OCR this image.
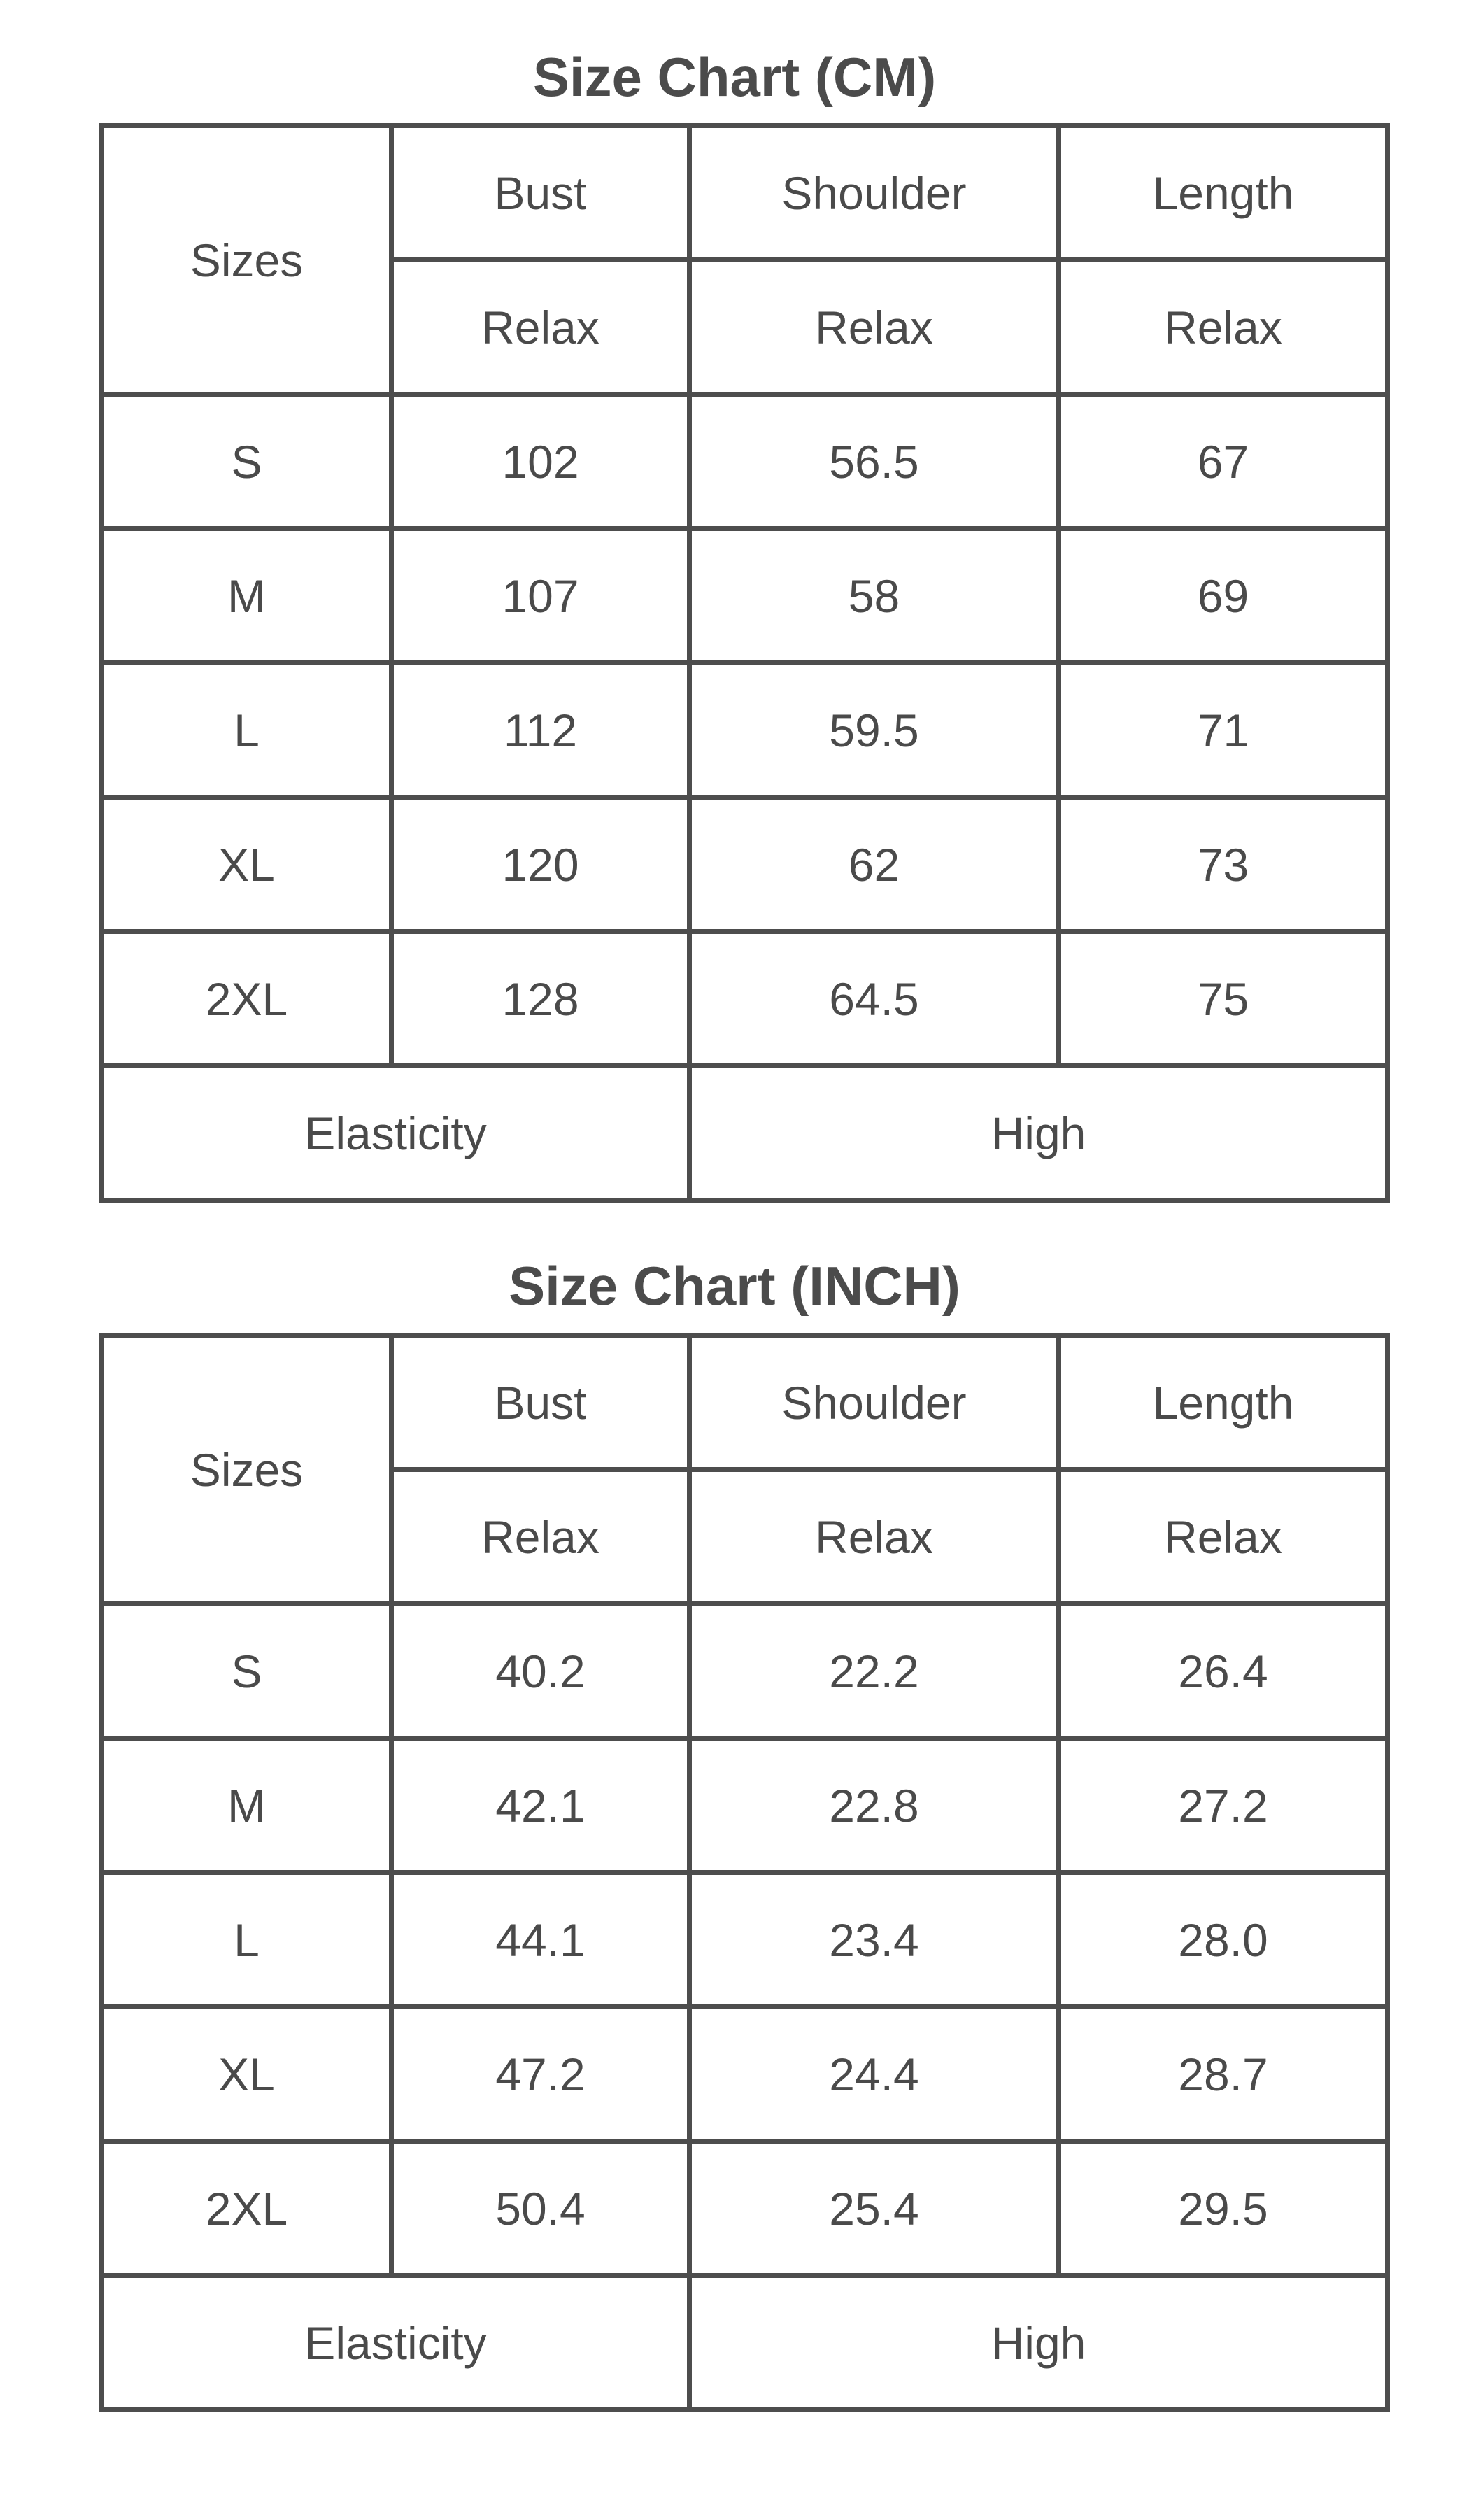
Size Chart (CM)
Sizes	Bust	Shoulder	Length
	Relax	Relax	Relax
S	102	56.5	67
M	107	58	69
L	112	59.5	71
XL	120	62	73
2XL	128	64.5	75
Elasticity		High	
Size Chart (INCH)
Sizes	Bust	Shoulder	Length
	Relax	Relax	Relax
S	40.2	22.2	26.4
M	42.1	22.8	27.2
L	44.1	23.4	28.0
XL	47.2	24.4	28.7
2XL	50.4	25.4	29.5
Elasticity		High	
